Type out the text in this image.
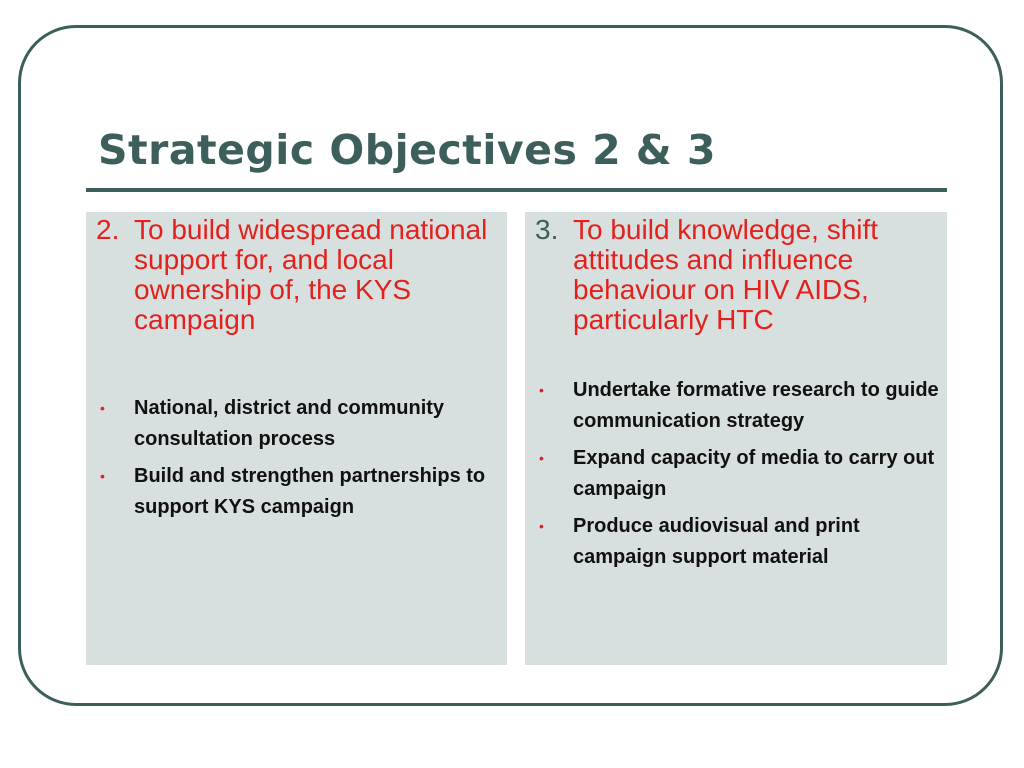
Strategic Objectives 2 & 3

2. To build widespread national support for, and local ownership of, the KYS campaign

• National, district and community consultation process
• Build and strengthen partnerships to support KYS campaign

3. To build knowledge, shift attitudes and influence behaviour on HIV AIDS, particularly HTC

• Undertake formative research to guide communication strategy
• Expand capacity of media to carry out campaign
• Produce audiovisual and print campaign support material
